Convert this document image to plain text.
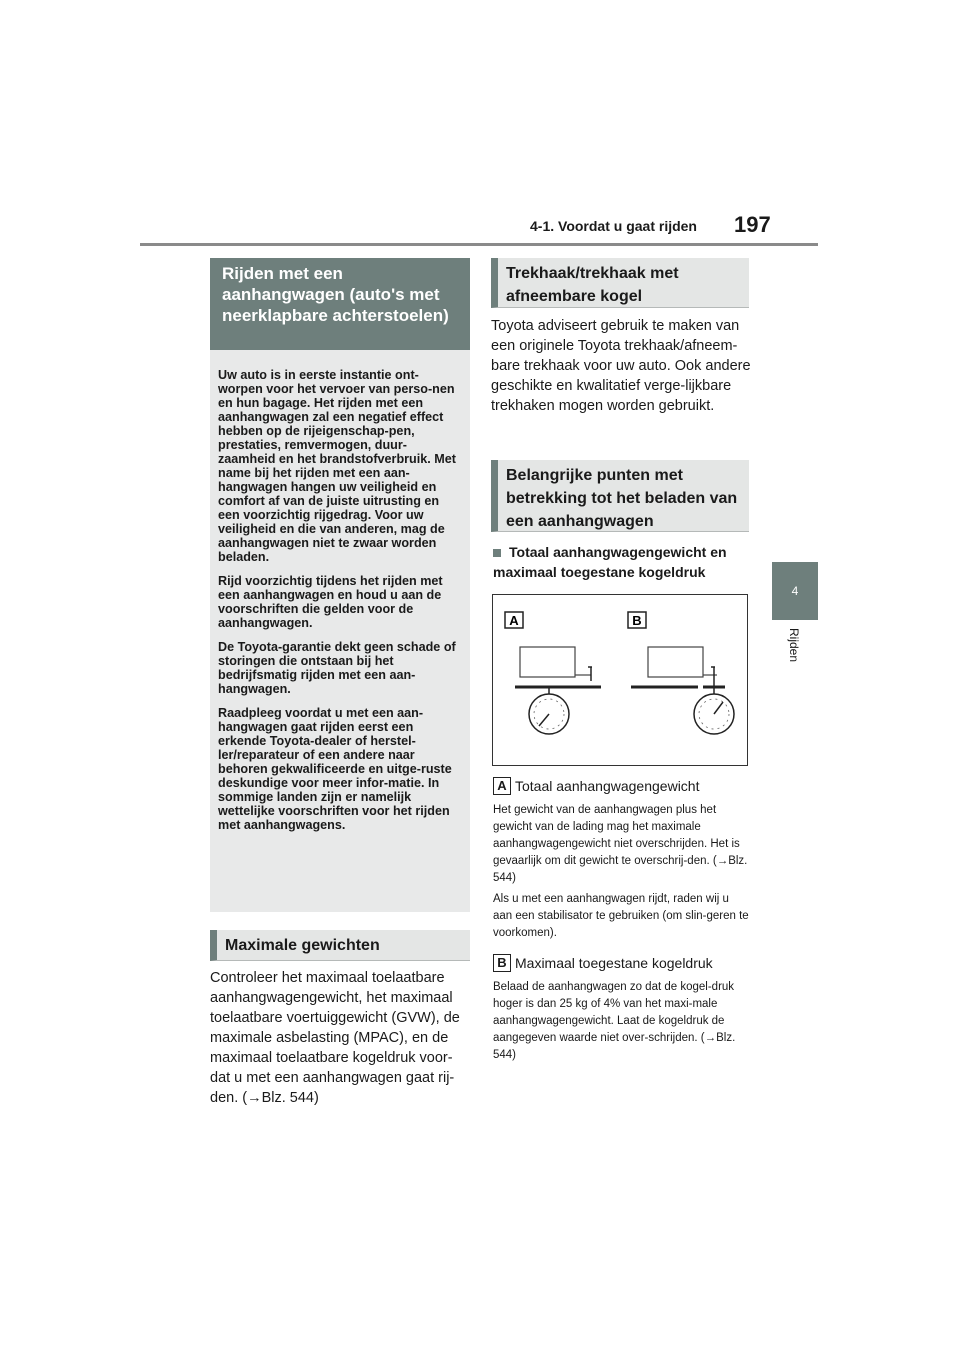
4-1. Voordat u gaat rijden 197
4
Rijden
Rijden met een aanhangwagen (auto's met neerklapbare achterstoelen)

Uw auto is in eerste instantie ont-worpen voor het vervoer van perso-nen en hun bagage. Het rijden met een aanhangwagen zal een negatief effect hebben op de rijeigenschap-pen, prestaties, remvermogen, duur-zaamheid en het brandstofverbruik. Met name bij het rijden met een aan-hangwagen hangen uw veiligheid en comfort af van de juiste uitrusting en een voorzichtig rijgedrag. Voor uw veiligheid en die van anderen, mag de aanhangwagen niet te zwaar worden beladen.

Rijd voorzichtig tijdens het rijden met een aanhangwagen en houd u aan de voorschriften die gelden voor de aanhangwagen.

De Toyota-garantie dekt geen schade of storingen die ontstaan bij het bedrijfsmatig rijden met een aan-hangwagen.

Raadpleeg voordat u met een aan-hangwagen gaat rijden eerst een erkende Toyota-dealer of herstel-ler/reparateur of een andere naar behoren gekwalificeerde en uitge-ruste deskundige voor meer infor-matie. In sommige landen zijn er namelijk wettelijke voorschriften voor het rijden met aanhangwagens.

Maximale gewichten
Controleer het maximaal toelaatbare aanhangwagengewicht, het maximaal toelaatbare voertuiggewicht (GVW), de maximale asbelasting (MPAC), en de maximaal toelaatbare kogeldruk voor-dat u met een aanhangwagen gaat rij-den. (→Blz. 544)
Trekhaak/trekhaak met afneembare kogel
Toyota adviseert gebruik te maken van een originele Toyota trekhaak/afneem-bare trekhaak voor uw auto. Ook andere geschikte en kwalitatief verge-lijkbare trekhaken mogen worden gebruikt.
Belangrijke punten met betrekking tot het beladen van een aanhangwagen
Totaal aanhangwagengewicht en maximaal toegestane kogeldruk
A	B
A Totaal aanhangwagengewicht

Het gewicht van de aanhangwagen plus het gewicht van de lading mag het maximale aanhangwagengewicht niet overschrijden. Het is gevaarlijk om dit gewicht te overschrij-den. (→Blz. 544)

Als u met een aanhangwagen rijdt, raden wij u aan een stabilisator te gebruiken (om slin-geren te voorkomen).

B Maximaal toegestane kogeldruk

Belaad de aanhangwagen zo dat de kogel-druk hoger is dan 25 kg of 4% van het maxi-male aanhangwagengewicht. Laat de kogeldruk de aangegeven waarde niet over-schrijden. (→Blz. 544)
